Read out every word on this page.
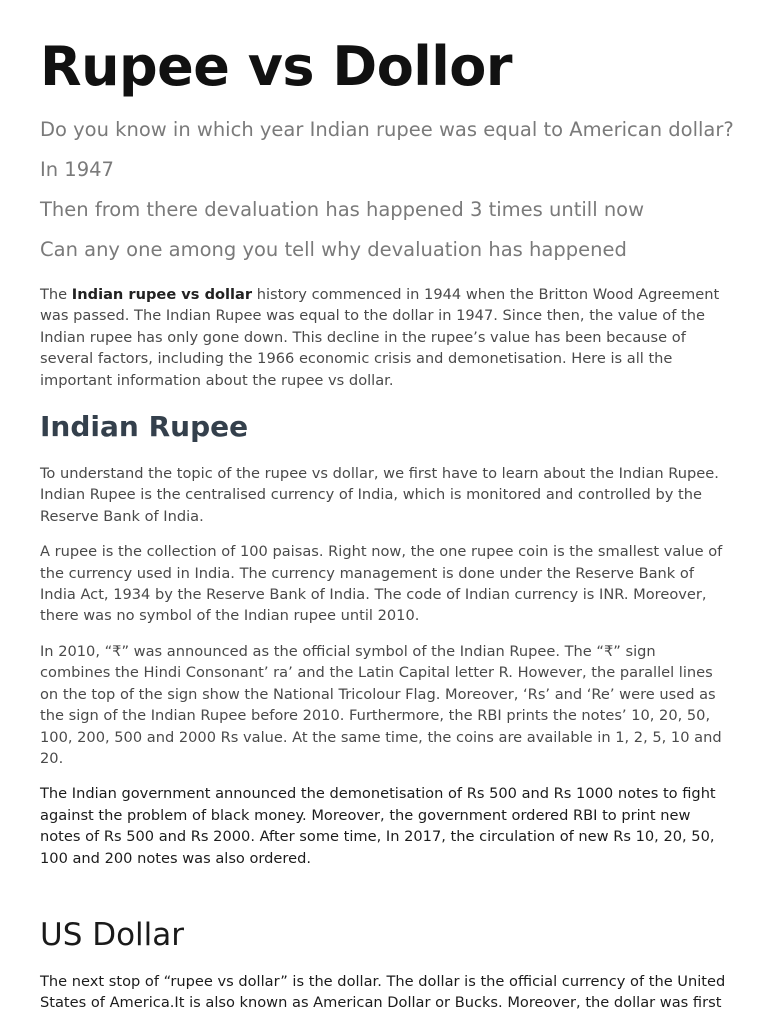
Rupee vs Dollor

Do you know in which year Indian rupee was equal to American dollar?

In 1947

Then from there devaluation has happened 3 times untill now

Can any one among you tell why devaluation has happened

The Indian rupee vs dollar history commenced in 1944 when the Britton Wood Agreement was passed. The Indian Rupee was equal to the dollar in 1947. Since then, the value of the Indian rupee has only gone down. This decline in the rupee’s value has been because of several factors, including the 1966 economic crisis and demonetisation. Here is all the important information about the rupee vs dollar.

Indian Rupee

To understand the topic of the rupee vs dollar, we first have to learn about the Indian Rupee. Indian Rupee is the centralised currency of India, which is monitored and controlled by the Reserve Bank of India.

A rupee is the collection of 100 paisas. Right now, the one rupee coin is the smallest value of the currency used in India. The currency management is done under the Reserve Bank of India Act, 1934 by the Reserve Bank of India. The code of Indian currency is INR. Moreover, there was no symbol of the Indian rupee until 2010.

In 2010, “₹” was announced as the official symbol of the Indian Rupee. The “₹” sign combines the Hindi Consonant’ ra’ and the Latin Capital letter R. However, the parallel lines on the top of the sign show the National Tricolour Flag. Moreover, ‘Rs’ and ‘Re’ were used as the sign of the Indian Rupee before 2010. Furthermore, the RBI prints the notes’ 10, 20, 50, 100, 200, 500 and 2000 Rs value. At the same time, the coins are available in 1, 2, 5, 10 and 20.

The Indian government announced the demonetisation of Rs 500 and Rs 1000 notes to fight against the problem of black money. Moreover, the government ordered RBI to print new notes of Rs 500 and Rs 2000. After some time, In 2017, the circulation of new Rs 10, 20, 50, 100 and 200 notes was also ordered.

US Dollar

The next stop of “rupee vs dollar” is the dollar. The dollar is the official currency of the United States of America.It is also known as American Dollar or Bucks. Moreover, the dollar was first
